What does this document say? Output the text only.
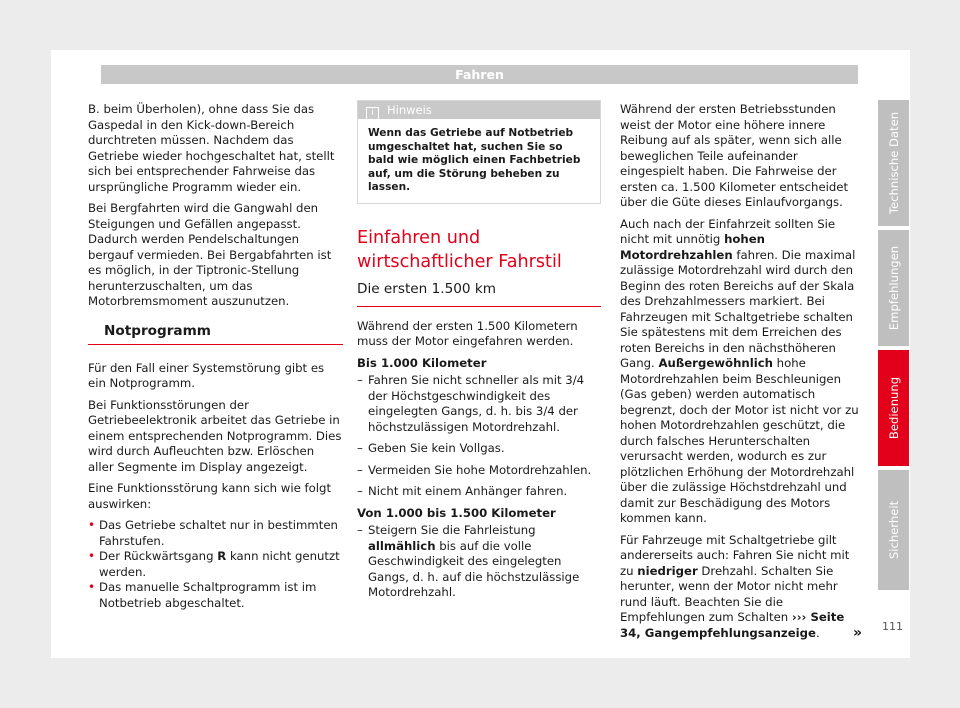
Fahren

B. beim Überholen), ohne dass Sie das Gaspedal in den Kick-down-Bereich durchtreten müssen. Nachdem das Getriebe wieder hochgeschaltet hat, stellt sich bei entsprechender Fahrweise das ursprüngliche Programm wieder ein.

Bei Bergfahrten wird die Gangwahl den Steigungen und Gefällen angepasst. Dadurch werden Pendelschaltungen bergauf vermieden. Bei Bergabfahrten ist es möglich, in der Tiptronic-Stellung herunterzuschalten, um das Motorbremsmoment auszunutzen.

Notprogramm

Für den Fall einer Systemstörung gibt es ein Notprogramm.

Bei Funktionsstörungen der Getriebeelektronik arbeitet das Getriebe in einem entsprechenden Notprogramm. Dies wird durch Aufleuchten bzw. Erlöschen aller Segmente im Display angezeigt.

Eine Funktionsstörung kann sich wie folgt auswirken:

• Das Getriebe schaltet nur in bestimmten Fahrstufen.
• Der Rückwärtsgang R kann nicht genutzt werden.
• Das manuelle Schaltprogramm ist im Notbetrieb abgeschaltet.
i Hinweis
Wenn das Getriebe auf Notbetrieb umgeschaltet hat, suchen Sie so bald wie möglich einen Fachbetrieb auf, um die Störung beheben zu lassen.
Einfahren und wirtschaftlicher Fahrstil
Die ersten 1.500 km

Während der ersten 1.500 Kilometern muss der Motor eingefahren werden.

Bis 1.000 Kilometer

– Fahren Sie nicht schneller als mit 3/4 der Höchstgeschwindigkeit des eingelegten Gangs, d. h. bis 3/4 der höchstzulässigen Motordrehzahl.
– Geben Sie kein Vollgas.
– Vermeiden Sie hohe Motordrehzahlen.
– Nicht mit einem Anhänger fahren.

Von 1.000 bis 1.500 Kilometer

– Steigern Sie die Fahrleistung allmählich bis auf die volle Geschwindigkeit des eingelegten Gangs, d. h. auf die höchstzulässige Motordrehzahl.

Während der ersten Betriebsstunden weist der Motor eine höhere innere Reibung auf als später, wenn sich alle beweglichen Teile aufeinander eingespielt haben. Die Fahrweise der ersten ca. 1.500 Kilometer entscheidet über die Güte dieses Einlaufvorgangs.

Auch nach der Einfahrzeit sollten Sie nicht mit unnötig hohen Motordrehzahlen fahren. Die maximal zulässige Motordrehzahl wird durch den Beginn des roten Bereichs auf der Skala des Drehzahlmessers markiert. Bei Fahrzeugen mit Schaltgetriebe schalten Sie spätestens mit dem Erreichen des roten Bereichs in den nächsthöheren Gang. Außergewöhnlich hohe Motordrehzahlen beim Beschleunigen (Gas geben) werden automatisch begrenzt, doch der Motor ist nicht vor zu hohen Motordrehzahlen geschützt, die durch falsches Herunterschalten verursacht werden, wodurch es zur plötzlichen Erhöhung der Motordrehzahl über die zulässige Höchstdrehzahl und damit zur Beschädigung des Motors kommen kann.

Für Fahrzeuge mit Schaltgetriebe gilt andererseits auch: Fahren Sie nicht mit zu niedriger Drehzahl. Schalten Sie herunter, wenn der Motor nicht mehr rund läuft. Beachten Sie die Empfehlungen zum Schalten ››› Seite 34, Gangempfehlungsanzeige. »

Technische Daten
Empfehlungen
Bedienung
Sicherheit
111
